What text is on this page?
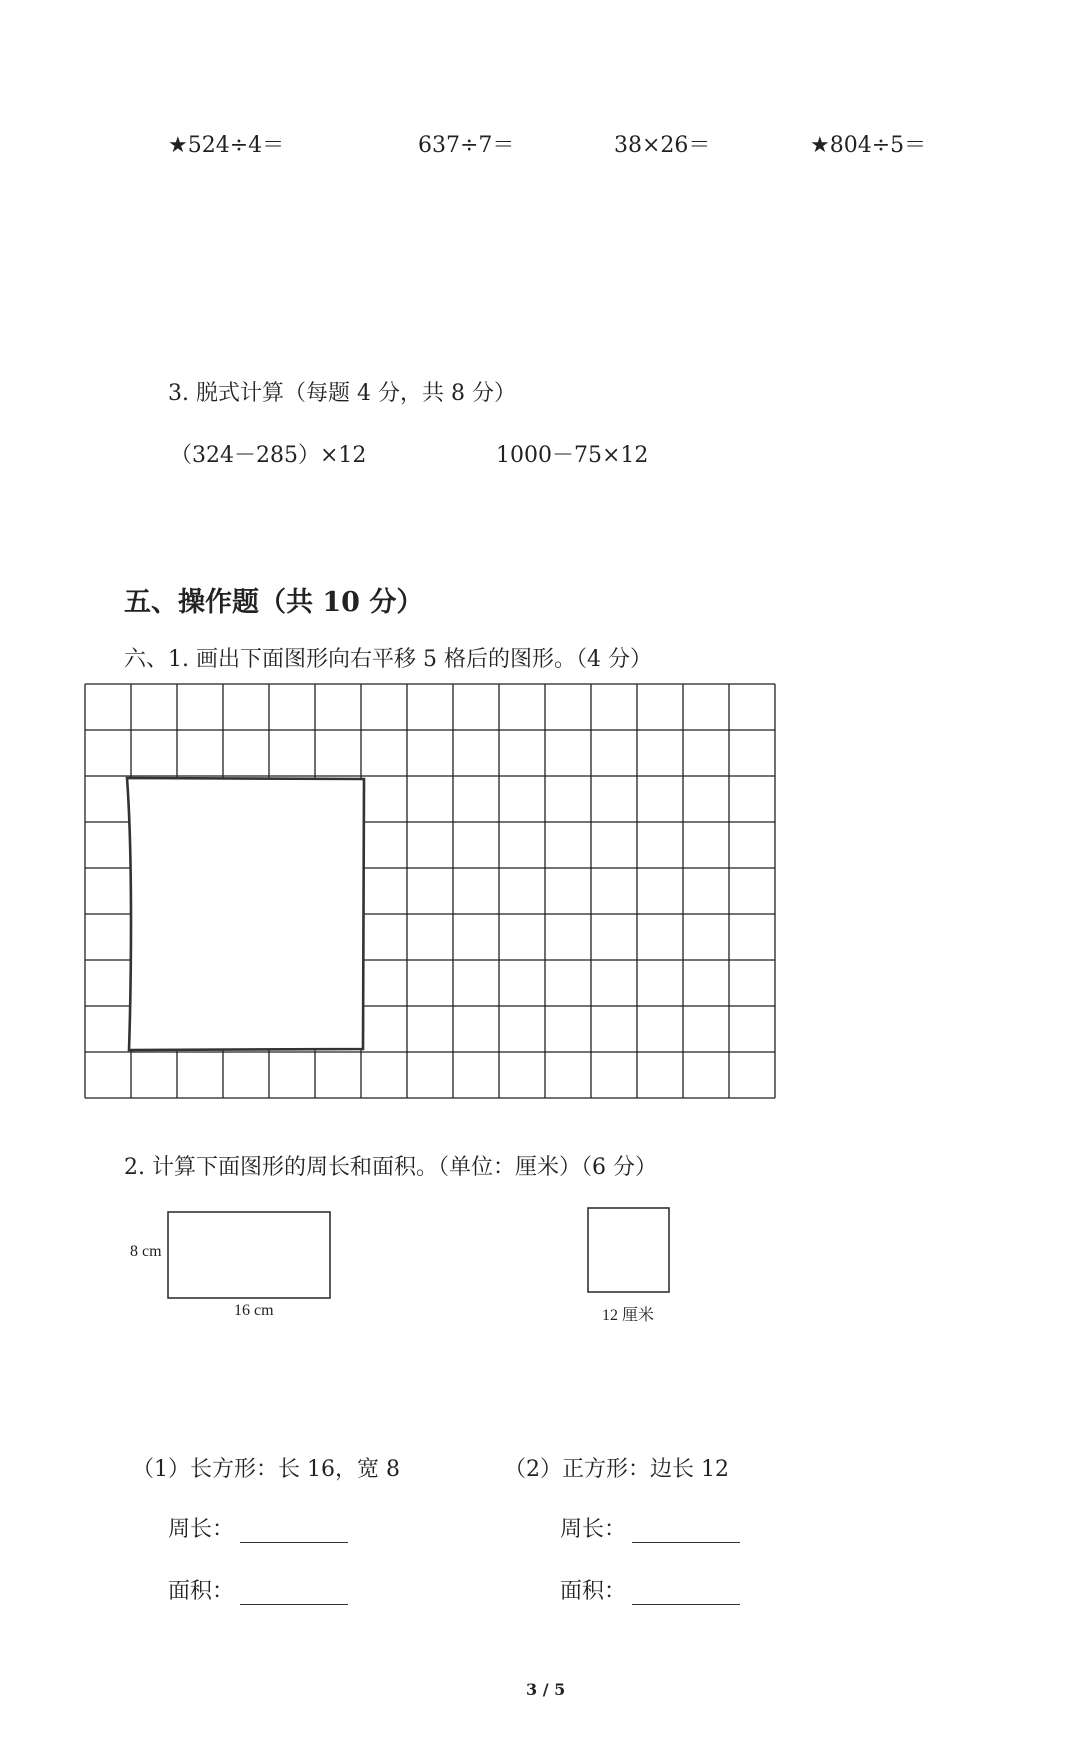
★524÷4＝	637÷7＝	38×26＝	★804÷5＝
3. 脱式计算（每题 4 分，共 8 分）
（324－285）×12	1000－75×12
五、操作题（共 10 分）
六、1. 画出下面图形向右平移 5 格后的图形。（4 分）
2. 计算下面图形的周长和面积。（单位：厘米）（6 分）
8 cm
16 cm	12 厘米
（1）长方形：长 16，宽 8	（2）正方形：边长 12
周长：	周长：
面积：	面积：
3 / 5
